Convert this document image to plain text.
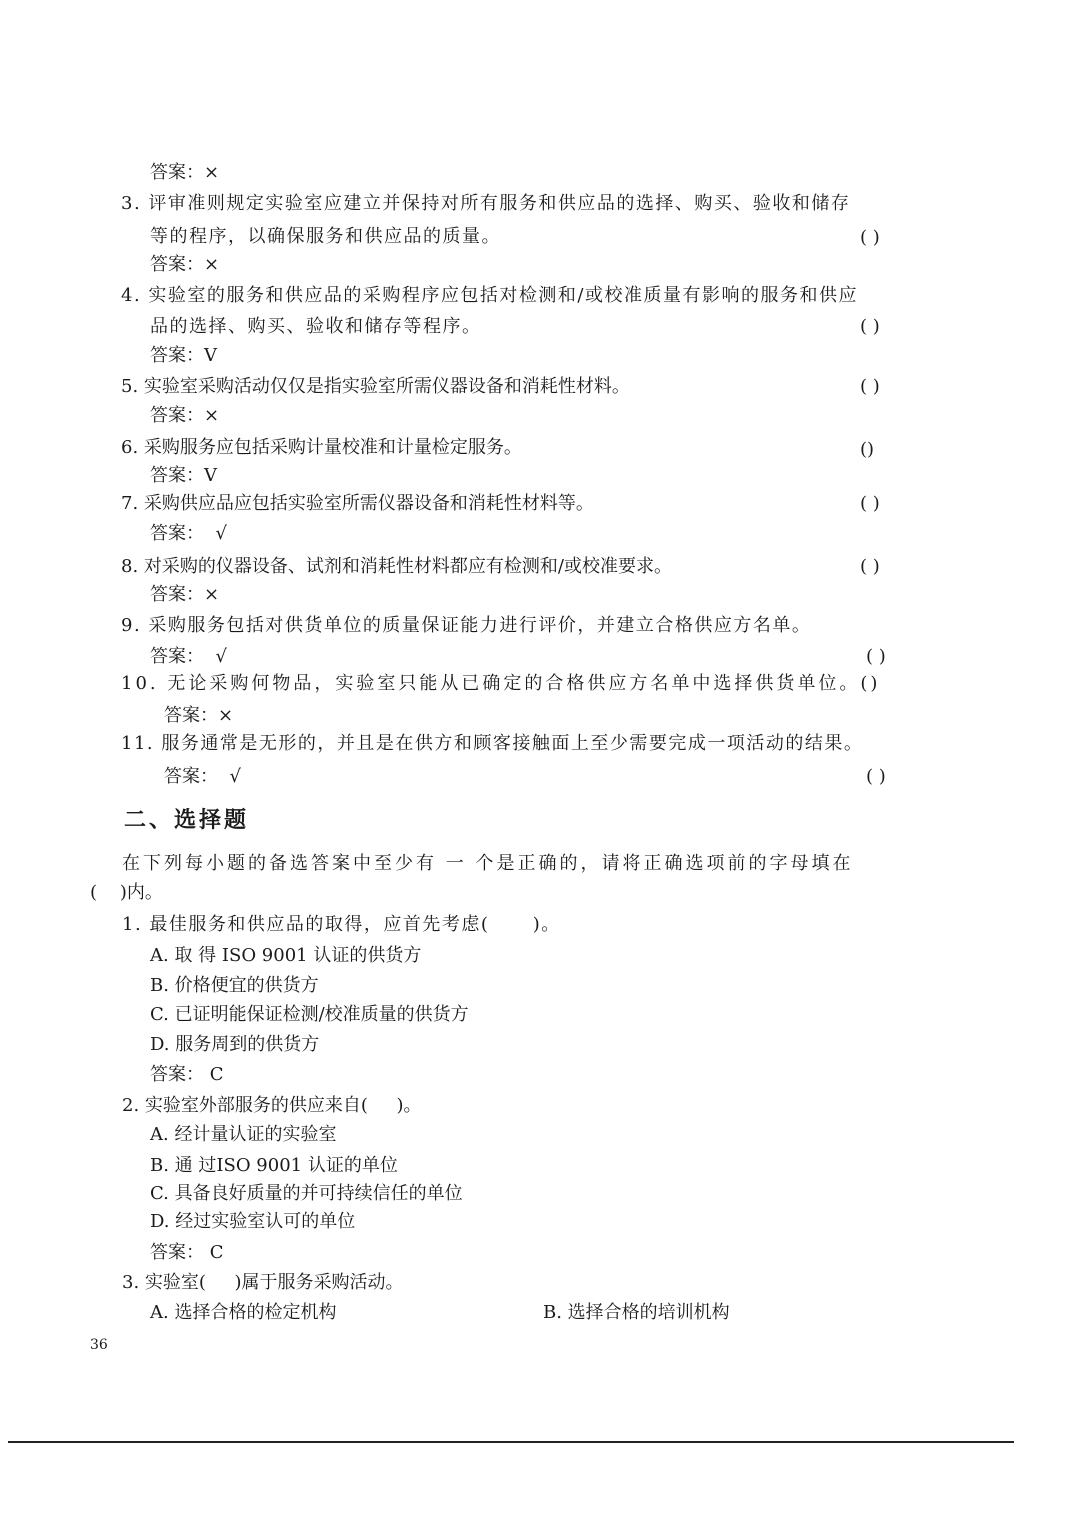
答案：×
3. 评审准则规定实验室应建立并保持对所有服务和供应品的选择、购买、验收和储存
等的程序，以确保服务和供应品的质量。	( )
答案：×
4. 实验室的服务和供应品的采购程序应包括对检测和/或校准质量有影响的服务和供应
品的选择、购买、验收和储存等程序。	( )
答案：V
5. 实验室采购活动仅仅是指实验室所需仪器设备和消耗性材料。	( )
答案：×
6. 采购服务应包括采购计量校准和计量检定服务。	()
答案：V
7. 采购供应品应包括实验室所需仪器设备和消耗性材料等。	( )
答案：  √
8. 对采购的仪器设备、试剂和消耗性材料都应有检测和/或校准要求。	( )
答案：×
9. 采购服务包括对供货单位的质量保证能力进行评价，并建立合格供应方名单。
答案：  √	( )
10. 无论采购何物品，实验室只能从已确定的合格供应方名单中选择供货单位。()
答案：×
11. 服务通常是无形的，并且是在供方和顾客接触面上至少需要完成一项活动的结果。
答案：  √	( )
二、选择题
在下列每小题的备选答案中至少有 一 个是正确的，请将正确选项前的字母填在
(    )内。
1. 最佳服务和供应品的取得，应首先考虑(      )。
A. 取 得 ISO 9001 认证的供货方
B. 价格便宜的供货方
C. 已证明能保证检测/校准质量的供货方
D. 服务周到的供货方
答案： C
2. 实验室外部服务的供应来自(     )。
A. 经计量认证的实验室
B. 通 过ISO 9001 认证的单位
C. 具备良好质量的并可持续信任的单位
D. 经过实验室认可的单位
答案： C
3. 实验室(     )属于服务采购活动。
A. 选择合格的检定机构	B. 选择合格的培训机构
36
